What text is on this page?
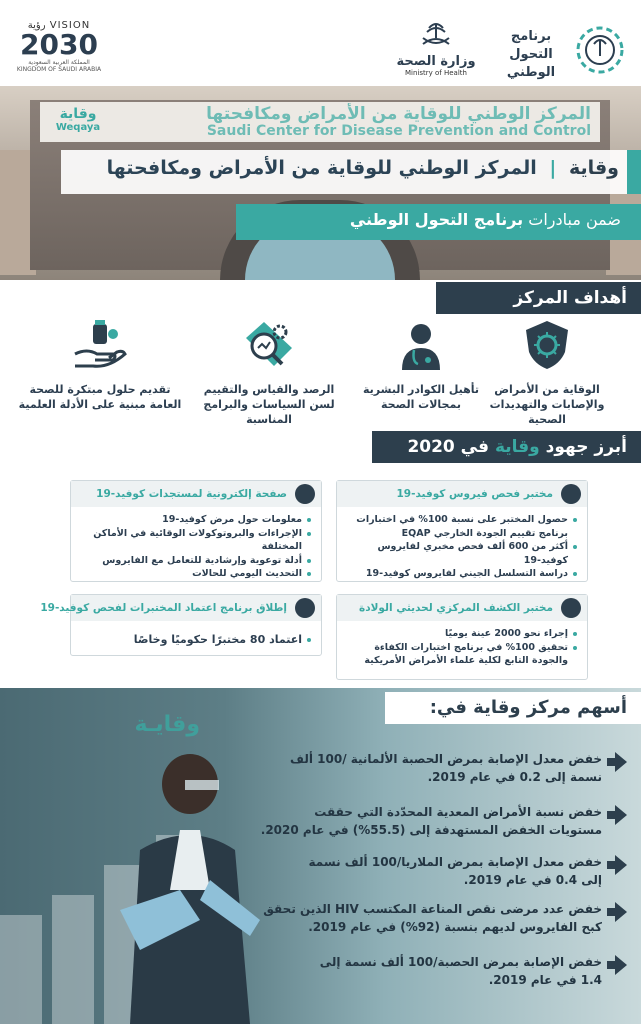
VISION رؤية
2030
المملكة العربية السعودية KINGDOM OF SAUDI ARABIA
وزارة الصحة
Ministry of Health
برنامج التحول الوطني
المركز الوطني للوقاية من الأمراض ومكافحتها
Saudi Center for Disease Prevention and Control
وقاية
Weqaya
وقاية | المركز الوطني للوقاية من الأمراض ومكافحتها
ضمن مبادرات برنامج التحول الوطني
أهداف المركز
الوقاية من الأمراض والإصابات والتهديدات الصحية
تأهيل الكوادر البشرية بمجالات الصحة
الرصد والقياس والتقييم لسن السياسات والبرامج المناسبة
تقديم حلول مبتكرة للصحة العامة مبنية على الأدلة العلمية
أبرز جهود وقاية في 2020
مختبر فحص فيروس كوفيد-19
حصول المختبر على نسبة 100% في اختبارات برنامج تقييم الجودة الخارجي EQAP
أكثر من 600 ألف فحص مخبري لفايروس كوفيد-19
دراسة التسلسل الجيني لفايروس كوفيد-19
صفحة إلكترونية لمستجدات كوفيد-19
معلومات حول مرض كوفيد-19
الإجراءات والبروتوكولات الوقائية في الأماكن المختلفة
أدلة توعوية وإرشادية للتعامل مع الفايروس
التحديث اليومي للحالات
مختبر الكشف المركزي لحديثي الولادة
إجراء نحو 2000 عينة يوميًا
تحقيق 100% في برنامج اختبارات الكفاءة والجودة التابع لكلية علماء الأمراض الأمريكية
إطلاق برنامج اعتماد المختبرات لفحص كوفيد-19
اعتماد 80 مختبرًا حكوميًا وخاصًا
وقايـة
أسهم مركز وقاية في:
خفض معدل الإصابة بمرض الحصبة الألمانية /100 ألف
نسمة إلى 0.2 في عام 2019.
خفض نسبة الأمراض المعدية المحدّدة التي حققت
مستويات الخفض المستهدفة إلى (55.5%) في عام 2020.
خفض معدل الإصابة بمرض الملاريا/100 ألف نسمة
إلى 0.4 في عام 2019.
خفض عدد مرضى نقص المناعة المكتسب HIV الذين تحقق
كبح الفايروس لديهم بنسبة (92%) في عام 2019.
خفض الإصابة بمرض الحصبة/100 ألف نسمة إلى
1.4 في عام 2019.
